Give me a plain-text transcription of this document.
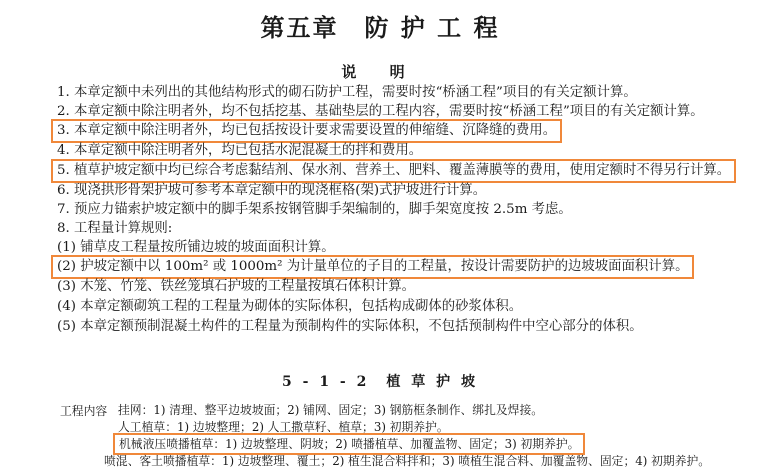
第五章　防 护 工 程
说 明
1. 本章定额中未列出的其他结构形式的砌石防护工程，需要时按“桥涵工程”项目的有关定额计算。
2. 本章定额中除注明者外，均不包括挖基、基础垫层的工程内容，需要时按“桥涵工程”项目的有关定额计算。
3. 本章定额中除注明者外，均已包括按设计要求需要设置的伸缩缝、沉降缝的费用。
4. 本章定额中除注明者外，均已包括水泥混凝土的拌和费用。
5. 植草护坡定额中均已综合考虑黏结剂、保水剂、营养土、肥料、覆盖薄膜等的费用，使用定额时不得另行计算。
6. 现浇拱形骨架护坡可参考本章定额中的现浇框格(架)式护坡进行计算。
7. 预应力锚索护坡定额中的脚手架系按钢管脚手架编制的，脚手架宽度按 2.5m 考虑。
8. 工程量计算规则:
(1) 铺草皮工程量按所铺边坡的坡面面积计算。
(2) 护坡定额中以 100m² 或 1000m² 为计量单位的子目的工程量，按设计需要防护的边坡坡面面积计算。
(3) 木笼、竹笼、铁丝笼填石护坡的工程量按填石体积计算。
(4) 本章定额砌筑工程的工程量为砌体的实际体积，包括构成砌体的砂浆体积。
(5) 本章定额预制混凝土构件的工程量为预制构件的实际体积，不包括预制构件中空心部分的体积。
5 - 1 - 2　植 草 护 坡
工程内容 挂网：1) 清理、整平边坡坡面；2) 铺网、固定；3) 钢筋框条制作、绑扎及焊接。
人工植草：1) 边坡整理；2) 人工撒草籽、植草；3) 初期养护。
机械液压喷播植草：1) 边坡整理、阴坡；2) 喷播植草、加覆盖物、固定；3) 初期养护。
喷混、客土喷播植草：1) 边坡整理、覆土；2) 植生混合料拌和；3) 喷植生混合料、加覆盖物、固定；4) 初期养护。
